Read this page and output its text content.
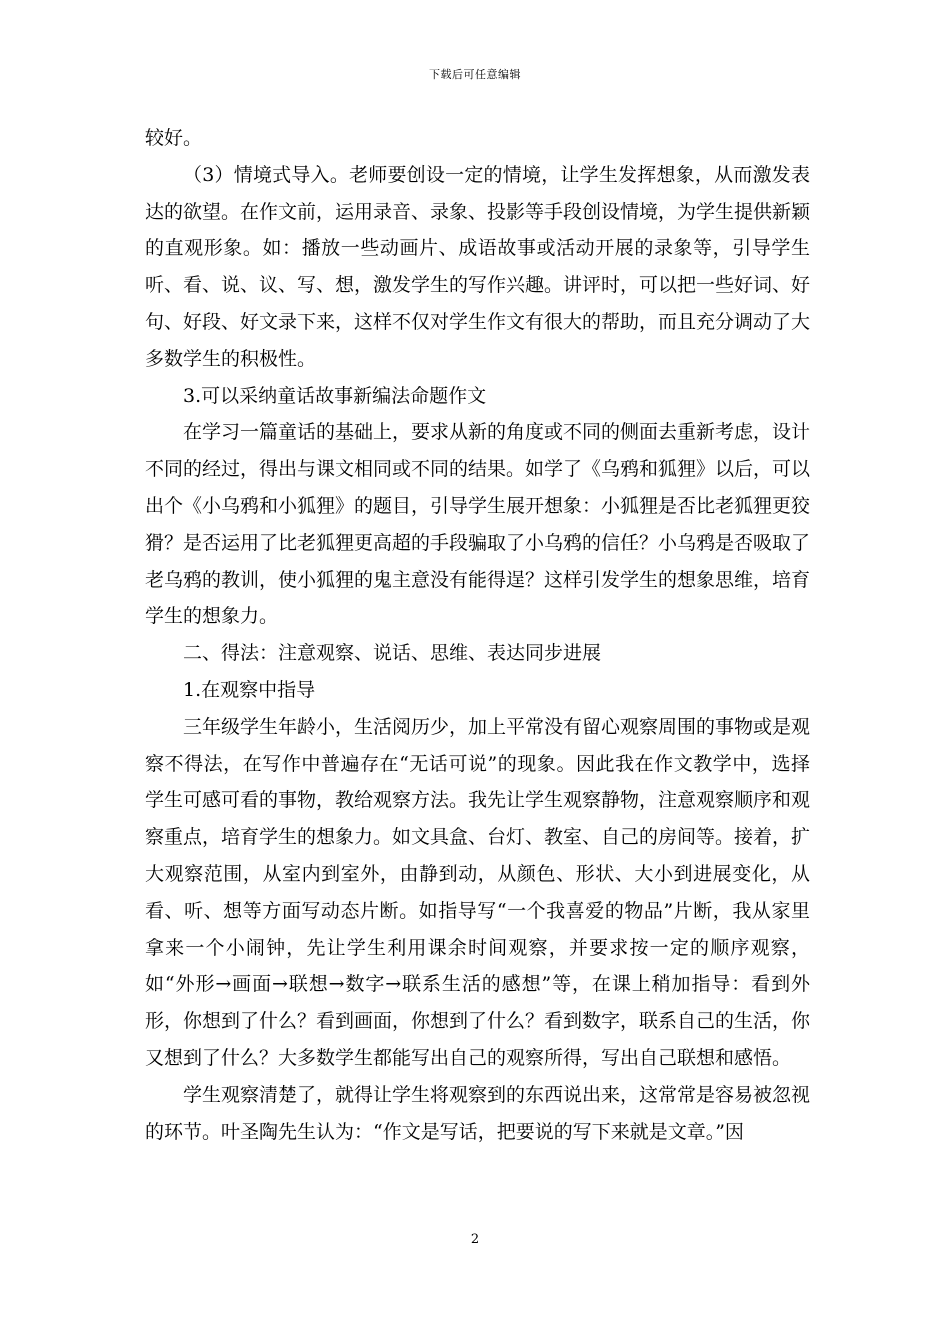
下载后可任意编辑

较好。

（3）情境式导入。老师要创设一定的情境，让学生发挥想象，从而激发表达的欲望。在作文前，运用录音、录象、投影等手段创设情境，为学生提供新颖的直观形象。如：播放一些动画片、成语故事或活动开展的录象等，引导学生听、看、说、议、写、想，激发学生的写作兴趣。讲评时，可以把一些好词、好句、好段、好文录下来，这样不仅对学生作文有很大的帮助，而且充分调动了大多数学生的积极性。

3.可以采纳童话故事新编法命题作文

在学习一篇童话的基础上，要求从新的角度或不同的侧面去重新考虑，设计不同的经过，得出与课文相同或不同的结果。如学了《乌鸦和狐狸》以后，可以出个《小乌鸦和小狐狸》的题目，引导学生展开想象：小狐狸是否比老狐狸更狡猾？是否运用了比老狐狸更高超的手段骗取了小乌鸦的信任？小乌鸦是否吸取了老乌鸦的教训，使小狐狸的鬼主意没有能得逞？这样引发学生的想象思维，培育学生的想象力。

二、得法：注意观察、说话、思维、表达同步进展

1.在观察中指导

三年级学生年龄小，生活阅历少，加上平常没有留心观察周围的事物或是观察不得法，在写作中普遍存在“无话可说”的现象。因此我在作文教学中，选择学生可感可看的事物，教给观察方法。我先让学生观察静物，注意观察顺序和观察重点，培育学生的想象力。如文具盒、台灯、教室、自己的房间等。接着，扩大观察范围，从室内到室外，由静到动，从颜色、形状、大小到进展变化，从看、听、想等方面写动态片断。如指导写“一个我喜爱的物品”片断，我从家里拿来一个小闹钟，先让学生利用课余时间观察，并要求按一定的顺序观察，如“外形→画面→联想→数字→联系生活的感想”等，在课上稍加指导：看到外形，你想到了什么？看到画面，你想到了什么？看到数字，联系自己的生活，你又想到了什么？大多数学生都能写出自己的观察所得，写出自己联想和感悟。

学生观察清楚了，就得让学生将观察到的东西说出来，这常常是容易被忽视的环节。叶圣陶先生认为：“作文是写话，把要说的写下来就是文章。”因

2
